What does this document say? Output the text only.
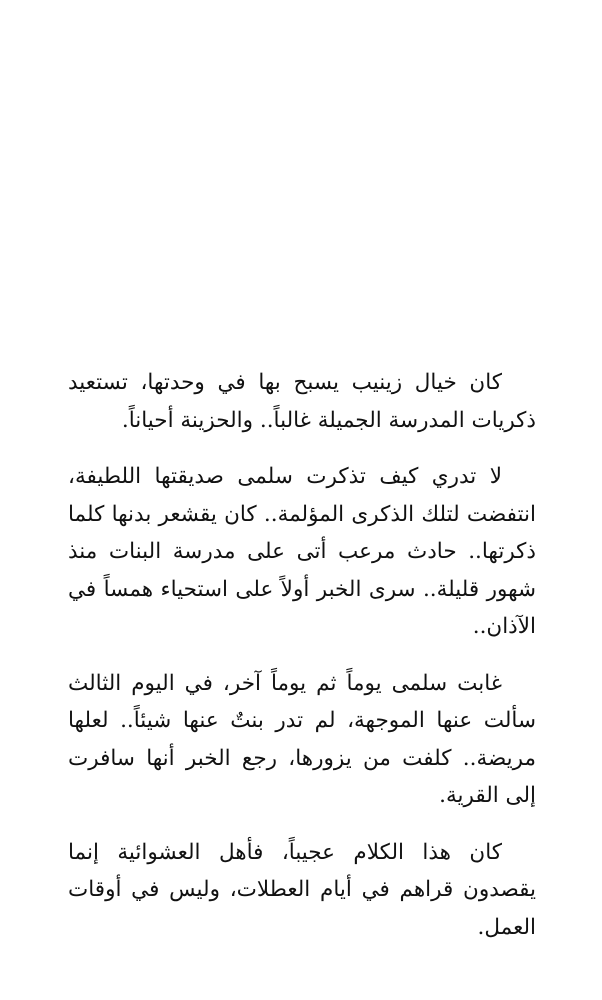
كان خيال زينيب يسبح بها في وحدتها، تستعيد ذكريات المدرسة الجميلة غالباً.. والحزينة أحياناً.

لا تدري كيف تذكرت سلمى صديقتها اللطيفة، انتفضت لتلك الذكرى المؤلمة.. كان يقشعر بدنها كلما ذكرتها.. حادث مرعب أتى على مدرسة البنات منذ شهور قليلة.. سرى الخبر أولاً على استحياء همساً في الآذان..

غابت سلمى يوماً ثم يوماً آخر، في اليوم الثالث سألت عنها الموجهة، لم تدر بنتٌ عنها شيئاً.. لعلها مريضة.. كلفت من يزورها، رجع الخبر أنها سافرت إلى القرية.

كان هذا الكلام عجيباً، فأهل العشوائية إنما يقصدون قراهم في أيام العطلات، وليس في أوقات العمل.
